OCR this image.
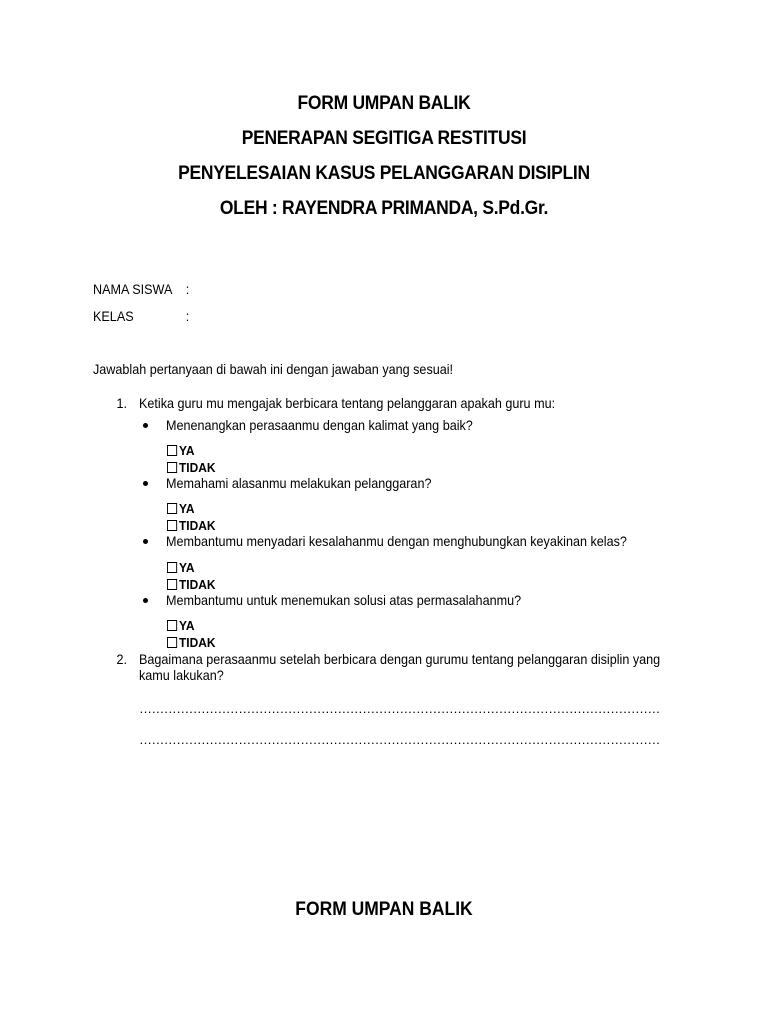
FORM UMPAN BALIK
PENERAPAN SEGITIGA RESTITUSI
PENYELESAIAN KASUS PELANGGARAN DISIPLIN
OLEH : RAYENDRA PRIMANDA, S.Pd.Gr.
NAMA SISWA :
KELAS	:
Jawablah pertanyaan di bawah ini dengan jawaban yang sesuai!
1. Ketika guru mu mengajak berbicara tentang pelanggaran apakah guru mu:
Menenangkan perasaanmu dengan kalimat yang baik?
YA
TIDAK
Memahami alasanmu melakukan pelanggaran?
YA
TIDAK
Membantumu menyadari kesalahanmu dengan menghubungkan keyakinan kelas?
YA
TIDAK
Membantumu untuk menemukan solusi atas permasalahanmu?
YA
TIDAK
2. Bagaimana perasaanmu setelah berbicara dengan gurumu tentang pelanggaran disiplin yang
kamu lakukan?
………………………………………………………………………………………………………………
………………………………………………………………………………………………………………
FORM UMPAN BALIK
